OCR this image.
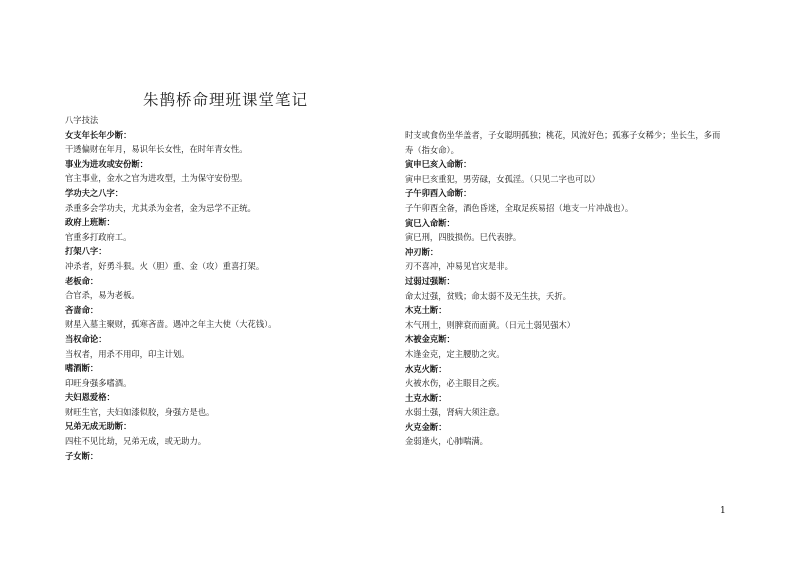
朱鹊桥命理班课堂笔记
八字技法
女支年长年少断：
干透偏财在年月，易识年长女性，在时年青女性。
事业为进攻或安份断：
官主事业，金水之官为进攻型，土为保守安份型。
学功夫之八字：
杀重多会学功夫，尤其杀为金者，金为忌学不正统。
政府上班断：
官重多打政府工。
打架八字：
冲杀者，好勇斗狠。火（胆）重、金（攻）重喜打架。
老板命：
合官杀，易为老板。
吝啬命：
财星入墓主聚财，孤寒吝啬。遇冲之年主大使（大花钱）。
当权命论：
当权者，用杀不用印，印主计划。
嗜酒断：
印旺身强多嗜酒。
夫妇恩爱格：
财旺生官，夫妇如漆似胶，身强方是也。
兄弟无成无助断：
四柱不见比劫，兄弟无成，或无助力。
子女断：
时支或食伤坐华盖者，子女聪明孤独；桃花，风流好色；孤寡子女稀少；坐长生，多而
寿（指女命）。
寅申巳亥入命断：
寅申巳亥重犯，男劳碌，女孤淫。（只见二字也可以）
子午卯酉入命断：
子午卯酉全备，酒色昏迷，全取足疾易招（地支一片冲战也）。
寅巳入命断：
寅巳刑，四肢损伤。巳代表脖。
冲刃断：
刃不喜冲，冲易见官灾是非。
过弱过强断：
命太过强，贫贱；命太弱不及无生扶，夭折。
木克土断：
木气刑土，则脾衰而面黄。（日元土弱见强木）
木被金克断：
木逢金克，定主腰肋之灾。
水克火断：
火被水伤，必主眼目之疾。
土克水断：
水弱土强，肾病大须注意。
火克金断：
金弱逢火，心肺喘满。
1
